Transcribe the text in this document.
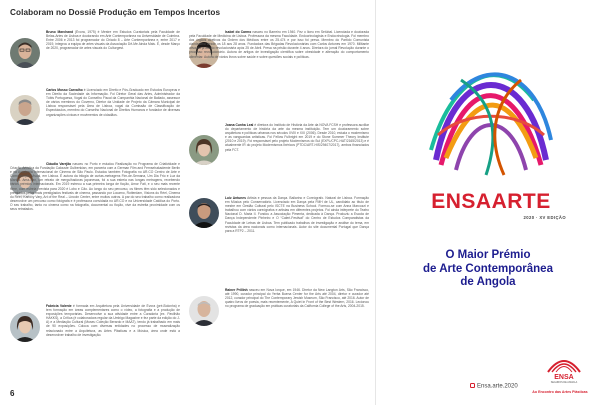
Colaboram no Dossiê Produção em Tempos Incertos
Bruno Marchand (Évora, 1975) é Mestre em Estudos Curatoriais pela Faculdade de Belas-Artes de Lisboa e doutorando em Arte Contemporânea na Universidade de Coimbra. Entre 2006 e 2013 foi programador do Chiado 8 – Arte Contemporânea e, entre 2017 e 2019, integrou a equipa de artes visuais da Associação Dê-Me Ainda Mais. É, desde Março de 2020, programador de artes visuais do Culturgest.
Carlos Mosso Carvalho é Licenciado em Direito e Pós-Graduado em Estudos Europeus e em Direito da Sociedade da Informação. Foi Diretor Geral das Artes, Administrador da Tóbis Portuguesa, Vogal do Conselho Fiscal da Companhia Nacional de Bailado, assessor de vários membros do Governo, Diretor da Unidade de Projeto da Câmara Municipal de Lisboa responsável pela Área de Lisboa, vogal da Comissão de Classificação de Espectáculos, membro do Conselho Nacional de Direitos Humanos e fundador de diversas organizações cívicas e movimentos de cidadãos.
Cláudia Varejão nasceu no Porto e estudou Realização no Programa de Criatividade e Criação Artística da Fundação Calouste Gulbenkian, em parceria com a German Film and Fernsehakademie Berlin e na Academia Internacional de Cinema de São Paulo. Estudou também Fotografia no AR.CO Centro de Arte e Comunicação Visual, em Lisboa. É autora da trilogia de curtas-metragens Fim-de-Semana, Um Dia Frio e Luz da Manhã. Ama-San, um retrato de mergulhadoras japonesas, foi a sua estreia nas longas metragens, recebendo vários prémios internacionais. Em 2019 estreou a sua primeira longa de ficção, Amor Fati, e o seu mais recente filme, com estreia prevista para 2020 é Lobo e Cão. Ao longo do seu percurso, os filmes têm sido selecionados e premiados pelos mais prestigiados festivais de cinema, passando por Locarno, Rotterdam, Visions du Réel, Cinema du Réel, Karlovy Vary, Art of the Real – Lincoln Center, entre muitos outros. A par do seu trabalho como realizadora desenvolve um percurso como fotógrafa e é professora convidada no AR.CO e na Universidade Católica do Porto. O seu trabalho, tanto no cinema como na fotografia, documental ou ficção, vive da estreita proximidade com os seus retratados.
Fabrícia Valente é formada em Arquitetura pela Universidade de Évora (pré-Bolonha) e tem formação em áreas complementares como o vídeo, a fotografia e a produção de exposições temporárias. Desenvolve a sua atividade entre a Curadoria (ex. Pavilhão HAKKS), a Crítica (é colaboradora regular da Umbigo Magazine e fez parte da edição do J-A) e a Mediação Cultural (Museu Coleção Berardo e MAAT), tendo já trabalhado em mais de 90 exposições. Coloca com diversas entidades no processo de musealização relacionado entre a Arquitetura, as Artes Plásticas e a Música, área onde está a desenvolver trabalho de investigação.
Isabel do Carmo nasceu no Barreiro em 1940. Fez o liceu em Setúbal. Licenciada e doutorada pela Faculdade de Medicina de Lisboa. Professora da mesma Faculdade. Endocrinologista e Endocrinologia. Foi membro dos órgãos diretivos da Ordem dos Médicos entre os 25.474 e por isso foi presa. Membro do Partido Comunista clandestino desde os 18 aos 28 anos. Fundadora das Brigadas Revolucionárias com Carlos Antunes em 1970. Militante ativa da proteção revolucionária após 25 de Abril. Presa na prisão durante 4 anos. Diretora do jornal Revolução durante o processo revolucionário. Autora de artigos de investigação científica sobre obesidade e alteração do comportamento alimentar. Autora de vários livros sobre saúde e sobre questões sociais e políticas.
Joana Cunha Leal é diretora do Instituto de História da Arte da NOVA FCSH e professora auxiliar do departamento de história da arte da mesma instituição. Tem um doutoramento sobre arquitetura e políticas urbanas nos séculos XVIII e XIX (2006). Desde 2010, estuda o modernismo e as vanguardas artísticas. Foi Fellow Fulbright em 2019 e do Stone Summer Theory Institute (2010 e 2019). Foi responsável pelo projeto Modernismos do Sul (EXPL/CPC-HAT/2165/2013) e é atualmente IR do projeto Modernismos Ibéricos (PTDC/ART-HIS/29407/2017), ambos financiados pela FCT.
Luiz Antunes Artista e pessoa da Dança. Bailarino e Coreógrafo. Natural de Lisboa. Formação em Música pelo Conservatório. Licenciado em Dança pela FMH de UL, candidato ao título de mestre em Gestão Cultural pelo ISCTE na Business School. Formou-se com Anna Marcozzi e trabalhou com vários coreógrafos e artistas em diferentes projetos. Foi ainda intérprete do Teatro Nacional D. Maria II. Fundou a Associação Pimenta, dedicada à Dança. Produziu a Escola de Dança Independente Pinheiro e O “Caleri-Festival” do Centro de Estudos Comparatistas da Faculdade de Letras de Lisboa. Tem publicado trabalhos de investigação e análise do tema, em revistas da área nacionais como internacionais. Autor do site documental Portugal que Dança para a RTP2 – 2011.
Rainer Prillinh nasceu em Nova Iorque, em 1946. Diretor da New Langton Arts, São Francisco, até 1990, curador principal do Yerba Buena Center for the Arts até 2004, diretor e curador até 2012, curador principal do The Contemporary Jewish Museum, São Francisco, até 2016. Autor de quatro livros de poesia, mais recentemente, A Quiet in Front of the Best Western, 2016. Lecionou no programa de graduação em práticas curatoriais da California College of the Arts, 2004-2015.
6
ENSAARTE
2020 · XV EDIÇÃO
O Maior Prémio
de Arte Contemporânea
de Angola
ENSA
SEGUROS DE ANGOLA
Ao Encontro das Artes Plásticas
Ensa.arte.2020
